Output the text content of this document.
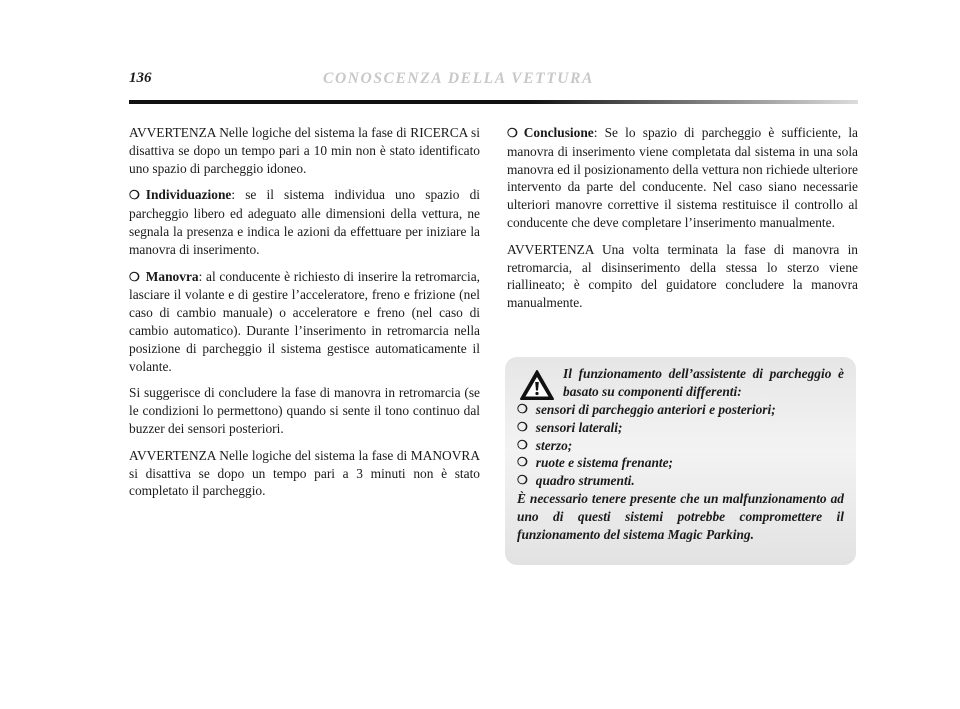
136	CONOSCENZA DELLA VETTURA

AVVERTENZA Nelle logiche del sistema la fase di RICERCA si disattiva se dopo un tempo pari a 10 min non è stato identificato uno spazio di parcheggio idoneo.

❍ Individuazione: se il sistema individua uno spazio di parcheggio libero ed adeguato alle dimensioni della vettura, ne segnala la presenza e indica le azioni da effettuare per iniziare la manovra di inserimento.

❍ Manovra: al conducente è richiesto di inserire la retromarcia, lasciare il volante e di gestire l’acceleratore, freno e frizione (nel caso di cambio manuale) o acceleratore e freno (nel caso di cambio automatico). Durante l’inserimento in retromarcia nella posizione di parcheggio il sistema gestisce automaticamente il volante.

Si suggerisce di concludere la fase di manovra in retromarcia (se le condizioni lo permettono) quando si sente il tono continuo dal buzzer dei sensori posteriori.

AVVERTENZA Nelle logiche del sistema la fase di MANOVRA si disattiva se dopo un tempo pari a 3 minuti non è stato completato il parcheggio.

❍ Conclusione: Se lo spazio di parcheggio è sufficiente, la manovra di inserimento viene completata dal sistema in una sola manovra ed il posizionamento della vettura non richiede ulteriore intervento da parte del conducente. Nel caso siano necessarie ulteriori manovre correttive il sistema restituisce il controllo al conducente che deve completare l’inserimento manualmente.

AVVERTENZA Una volta terminata la fase di manovra in retromarcia, al disinserimento della stessa lo sterzo viene riallineato; è compito del guidatore concludere la manovra manualmente.

Il funzionamento dell’assistente di parcheggio è basato su componenti differenti:
❍ sensori di parcheggio anteriori e posteriori;
❍ sensori laterali;
❍ sterzo;
❍ ruote e sistema frenante;
❍ quadro strumenti.

È necessario tenere presente che un malfunzionamento ad uno di questi sistemi potrebbe compromettere il funzionamento del sistema Magic Parking.
